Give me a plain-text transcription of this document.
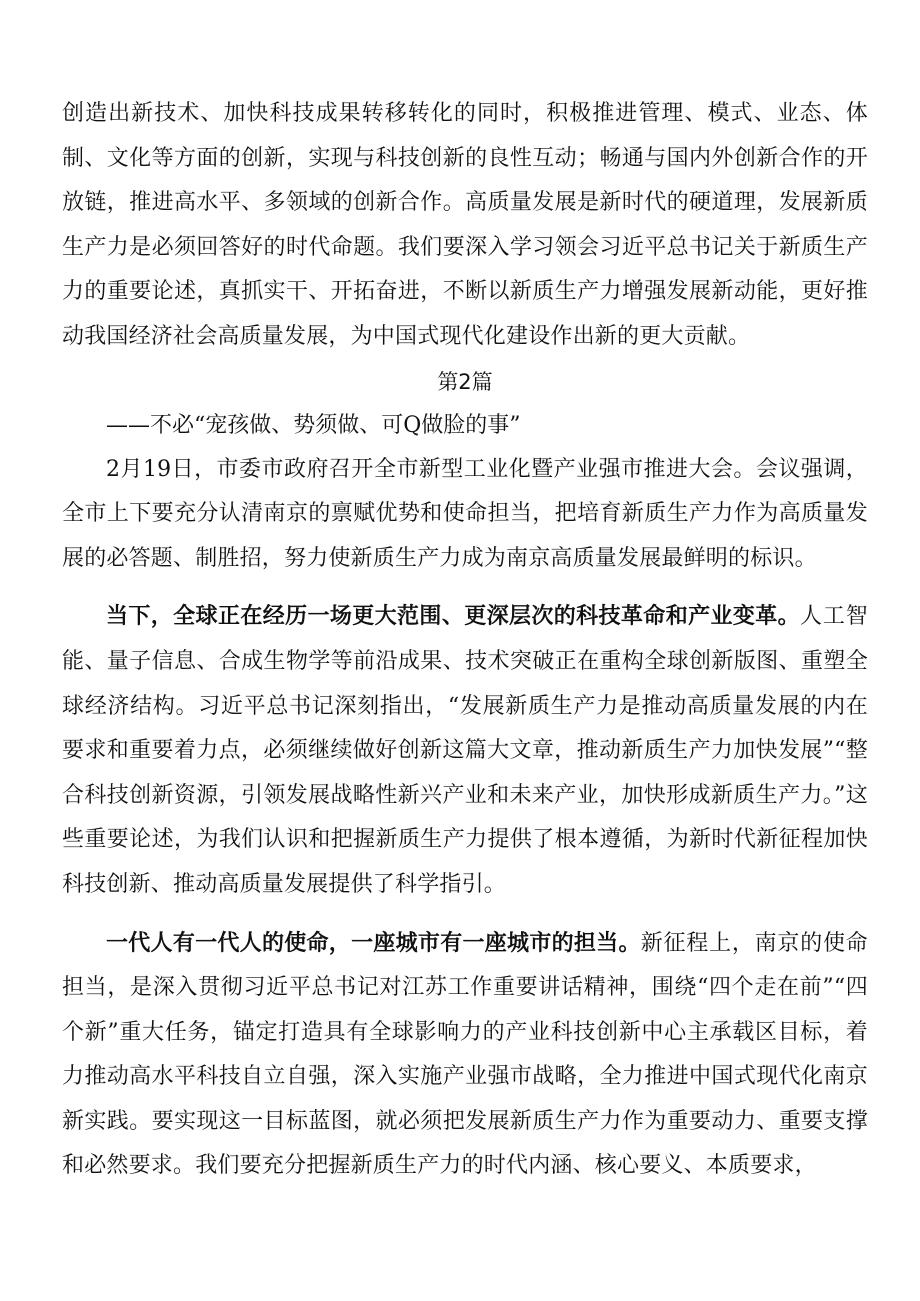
创造出新技术、加快科技成果转移转化的同时，积极推进管理、模式、业态、体制、文化等方面的创新，实现与科技创新的良性互动；畅通与国内外创新合作的开放链，推进高水平、多领域的创新合作。高质量发展是新时代的硬道理，发展新质生产力是必须回答好的时代命题。我们要深入学习领会习近平总书记关于新质生产力的重要论述，真抓实干、开拓奋进，不断以新质生产力增强发展新动能，更好推动我国经济社会高质量发展，为中国式现代化建设作出新的更大贡献。

第2篇

——不必“宠孩做、势须做、可Q做脸的事”

2月19日，市委市政府召开全市新型工业化暨产业强市推进大会。会议强调，全市上下要充分认清南京的禀赋优势和使命担当，把培育新质生产力作为高质量发展的必答题、制胜招，努力使新质生产力成为南京高质量发展最鲜明的标识。

当下，全球正在经历一场更大范围、更深层次的科技革命和产业变革。人工智能、量子信息、合成生物学等前沿成果、技术突破正在重构全球创新版图、重塑全球经济结构。习近平总书记深刻指出，“发展新质生产力是推动高质量发展的内在要求和重要着力点，必须继续做好创新这篇大文章，推动新质生产力加快发展”“整合科技创新资源，引领发展战略性新兴产业和未来产业，加快形成新质生产力。”这些重要论述，为我们认识和把握新质生产力提供了根本遵循，为新时代新征程加快科技创新、推动高质量发展提供了科学指引。

一代人有一代人的使命，一座城市有一座城市的担当。新征程上，南京的使命担当，是深入贯彻习近平总书记对江苏工作重要讲话精神，围绕“四个走在前”“四个新”重大任务，锚定打造具有全球影响力的产业科技创新中心主承载区目标，着力推动高水平科技自立自强，深入实施产业强市战略，全力推进中国式现代化南京新实践。要实现这一目标蓝图，就必须把发展新质生产力作为重要动力、重要支撑和必然要求。我们要充分把握新质生产力的时代内涵、核心要义、本质要求，
